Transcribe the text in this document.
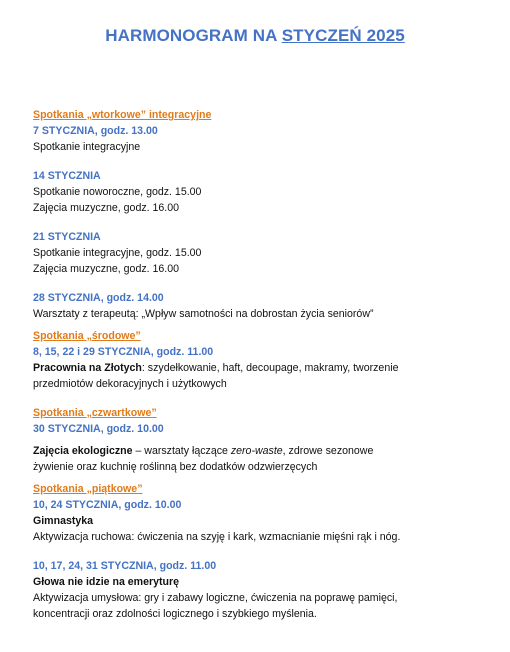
HARMONOGRAM NA STYCZEŃ 2025
Spotkania „wtorkowe” integracyjne
7 STYCZNIA, godz. 13.00
Spotkanie integracyjne
14 STYCZNIA
Spotkanie noworoczne, godz. 15.00
Zajęcia muzyczne, godz. 16.00
21 STYCZNIA
Spotkanie integracyjne, godz. 15.00
Zajęcia muzyczne, godz. 16.00
28 STYCZNIA, godz. 14.00
Warsztaty z terapeutą: „Wpływ samotności na dobrostan życia seniorów”
Spotkania „środowe”
8, 15, 22 i 29 STYCZNIA, godz. 11.00
Pracownia na Złotych: szydełkowanie, haft, decoupage, makramy, tworzenie
przedmiotów dekoracyjnych i użytkowych
Spotkania „czwartkowe”
30 STYCZNIA, godz. 10.00
Zajęcia ekologiczne – warsztaty łączące zero-waste, zdrowe sezonowe
żywienie oraz kuchnię roślinną bez dodatków odzwierzęcych
Spotkania „piątkowe”
10, 24 STYCZNIA, godz. 10.00
Gimnastyka
Aktywizacja ruchowa: ćwiczenia na szyję i kark, wzmacnianie mięśni rąk i nóg.
10, 17, 24, 31 STYCZNIA, godz. 11.00
Głowa nie idzie na emeryturę
Aktywizacja umysłowa: gry i zabawy logiczne, ćwiczenia na poprawę pamięci,
koncentracji oraz zdolności logicznego i szybkiego myślenia.
